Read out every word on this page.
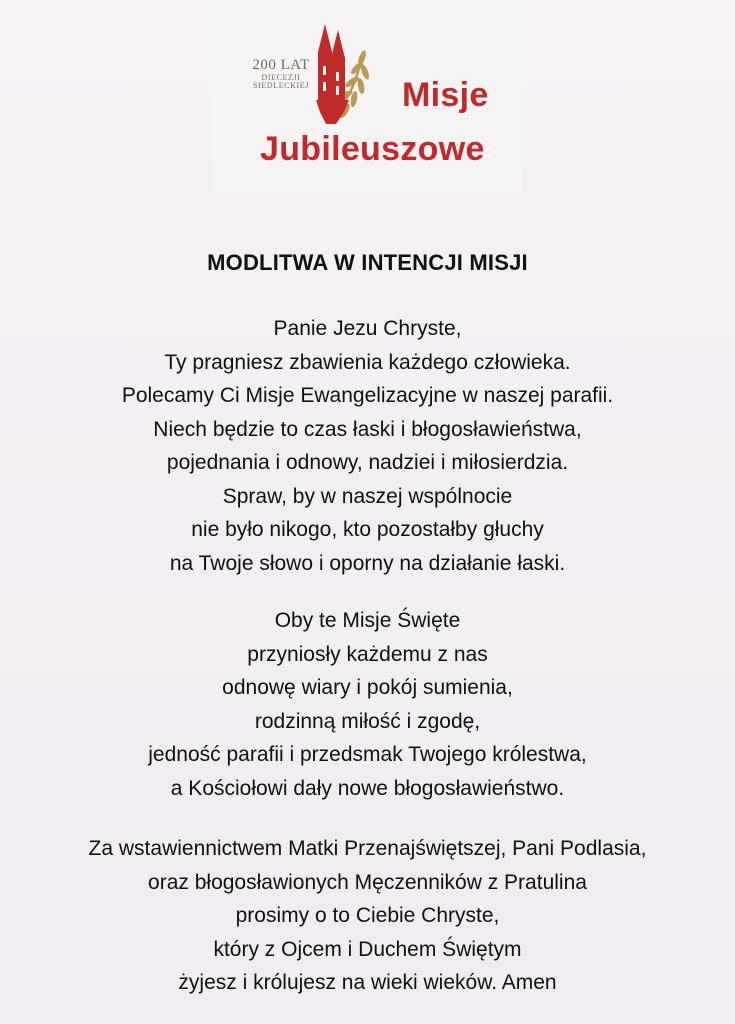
200 LAT
DIECEZJI
SIEDLECKIEJ	Misje
Jubileuszowe
MODLITWA W INTENCJI MISJI
Panie Jezu Chryste,
Ty pragniesz zbawienia każdego człowieka.
Polecamy Ci Misje Ewangelizacyjne w naszej parafii.
Niech będzie to czas łaski i błogosławieństwa,
pojednania i odnowy, nadziei i miłosierdzia.
Spraw, by w naszej wspólnocie
nie było nikogo, kto pozostałby głuchy
na Twoje słowo i oporny na działanie łaski.
Oby te Misje Święte
przyniosły każdemu z nas
odnowę wiary i pokój sumienia,
rodzinną miłość i zgodę,
jedność parafii i przedsmak Twojego królestwa,
a Kościołowi dały nowe błogosławieństwo.
Za wstawiennictwem Matki Przenajświętszej, Pani Podlasia,
oraz błogosławionych Męczenników z Pratulina
prosimy o to Ciebie Chryste,
który z Ojcem i Duchem Świętym
żyjesz i królujesz na wieki wieków. Amen
